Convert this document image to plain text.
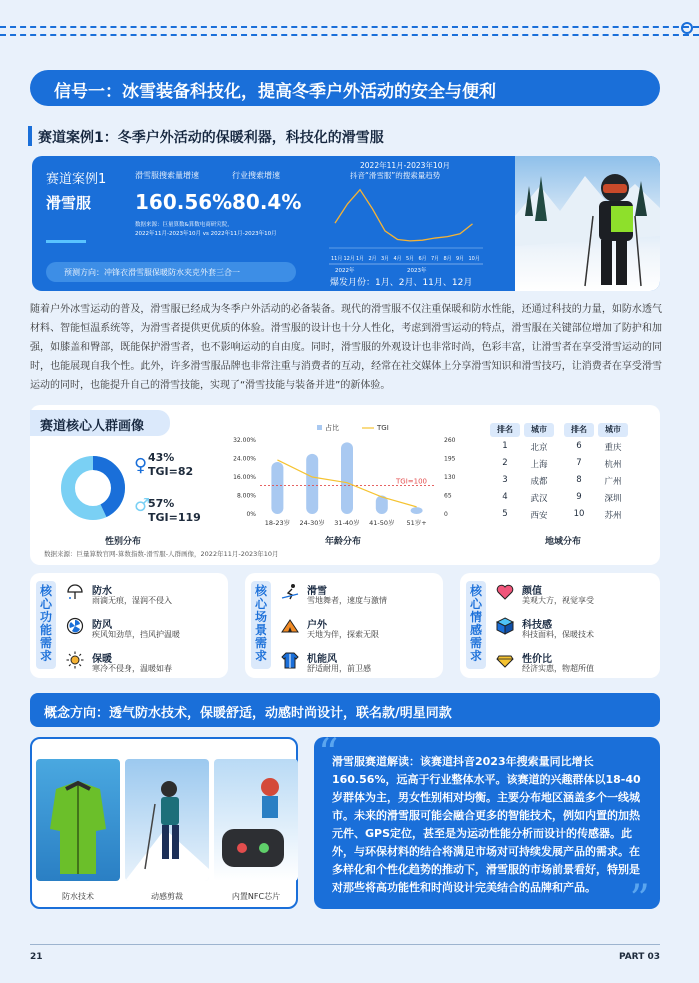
信号一：冰雪装备科技化，提高冬季户外活动的安全与便利
赛道案例1：冬季户外活动的保暖利器，科技化的滑雪服
赛道案例1
滑雪服
滑雪服搜索量增速
160.56%
行业搜索增速
80.4%
数据来源：巨量算数&算数电商研究院，
2022年11月-2023年10月 vs 2022年11月-2023年10月
预测方向：冲锋衣滑雪服保暖防水夹克外套三合一
2022年11月-2023年10月
抖音“滑雪服”的搜索量趋势
11月 12月 1月 2月 3月 4月 5月 6月 7月 8月 9月 10月
2022年	2023年
爆发月份：1月、2月、11月、12月
随着户外冰雪运动的普及，滑雪服已经成为冬季户外活动的必备装备。现代的滑雪服不仅注重保暖和防水性能，还通过科技的力量，如防水透气材料、智能恒温系统等，为滑雪者提供更优质的体验。滑雪服的设计也十分人性化，考虑到滑雪运动的特点，滑雪服在关键部位增加了防护和加强，如膝盖和臀部，既能保护滑雪者，也不影响运动的自由度。同时，滑雪服的外观设计也非常时尚，色彩丰富，让滑雪者在享受滑雪运动的同时，也能展现自我个性。此外，许多滑雪服品牌也非常注重与消费者的互动，经常在社交媒体上分享滑雪知识和滑雪技巧，让消费者在享受滑雪运动的同时，也能提升自己的滑雪技能，实现了“滑雪技能与装备并进”的新体验。
赛道核心人群画像
♀ 43%
TGI=82
♂
57%
TGI=119
性别分布
占比	TGI
0%
8.00%
16.00%
24.00%
32.00%
0
65
130
195
260
18-23岁 24-30岁 31-40岁 41-50岁 51岁+
TGI=100
年龄分布
排名	城市	排名	城市
1	北京	6	重庆
2	上海	7	杭州
3	成都	8	广州
4	武汉	9	深圳
5	西安	10	苏州
地域分布
数据来源：巨量算数官网-算数指数-滑雪服-人群画像，2022年11月-2023年10月
核心功能需求
防水
雨滴无痕，湿润不侵入
防风
疾风知劲草，挡风护温暖
保暖
寒冷不侵身，温暖如春
核心场景需求
滑雪
雪地舞者，速度与激情
户外
天地为伴，探索无限
机能风
舒适耐用，前卫感
核心情感需求
颜值
美观大方，视觉享受
科技感
科技面料，保暖技术
性价比
经济实惠，物超所值
概念方向：透气防水技术，保暖舒适，动感时尚设计，联名款/明星同款
防水技术	动感剪裁	内置NFC芯片
“

滑雪服赛道解读：该赛道抖音2023年搜索量同比增长160.56%，远高于行业整体水平。该赛道的兴趣群体以18-40岁群体为主，男女性别相对均衡。主要分布地区涵盖多个一线城市。未来的滑雪服可能会融合更多的智能技术，例如内置的加热元件、GPS定位，甚至是为运动性能分析而设计的传感器。此外，与环保材料的结合将满足市场对可持续发展产品的需求。在多样化和个性化趋势的推动下，滑雪服的市场前景看好，特别是对那些将高功能性和时尚设计完美结合的品牌和产品。 ”
21	PART 03
